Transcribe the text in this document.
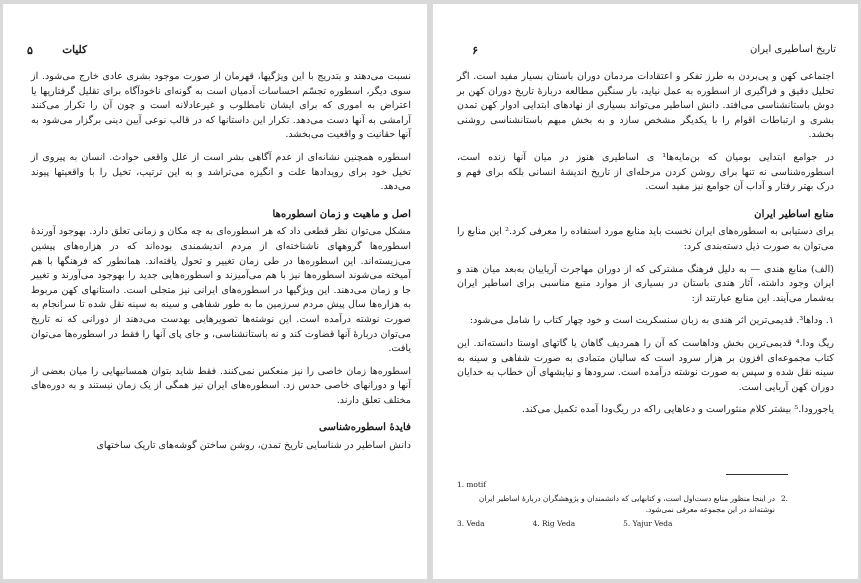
کلیات
۵

نسبت می‌دهند و بتدریج با این ویژگیها، قهرمان از صورت موجود بشری عادی خارج می‌شود. از سوی دیگر، اسطوره تجسّم احساسات آدمیان است به گونه‌ای ناخودآگاه برای تقلیل گرفتاریها یا اعتراض به اموری که برای ایشان نامطلوب و غیرعادلانه است و چون آن را تکرار می‌کنند آرامشی به آنها دست می‌دهد. تکرار این داستانها که در قالب نوعی آیین دینی برگزار می‌شود به آنها حقانیت و واقعیت می‌بخشد.

اسطوره همچنین نشانه‌ای از عدم آگاهی بشر است از علل واقعی حوادث. انسان به پیروی از تخیل خود برای رویدادها علت و انگیزه می‌تراشد و به این ترتیب، تخیل را با واقعیتها پیوند می‌دهد.

اصل و ماهیت و زمان اسطوره‌ها

مشکل می‌توان نظر قطعی داد که هر اسطوره‌ای به چه مکان و زمانی تعلق دارد. بهوجود آورندهٔ اسطوره‌ها گروههای ناشناخته‌ای از مردم اندیشمندی بوده‌اند که در هزاره‌های پیشین می‌زیسته‌اند. این اسطوره‌ها در طی زمان تغییر و تحول یافته‌اند. همانطور که فرهنگها با هم آمیخته می‌شوند اسطوره‌ها نیز با هم می‌آمیزند و اسطوره‌هایی جدید را بهوجود می‌آورند و تغییر جا و زمان می‌دهند. این ویژگیها در اسطوره‌های ایرانی نیز متجلی است. داستانهای کهن مربوط به هزاره‌ها سال پیش مردم سرزمین ما به طور شفاهی و سینه به سینه نقل شده تا سرانجام به صورت نوشته درآمده است. این نوشته‌ها تصویرهایی بهدست می‌دهند از دورانی که نه تاریخ می‌توان دربارهٔ آنها قضاوت کند و نه باستانشناسی، و جای پای آنها را فقط در اسطوره‌ها می‌توان یافت.

اسطوره‌ها زمان خاصی را نیز منعکس نمی‌کنند. فقط شاید بتوان همسانیهایی را میان بعضی از آنها و دورانهای خاصی حدس زد. اسطوره‌های ایران نیز همگی از یک زمان نیستند و به دوره‌های مختلف تعلق دارند.

فایدهٔ اسطوره‌شناسی

دانش اساطیر در شناسایی تاریخ تمدن، روشن ساختن گوشه‌های تاریک ساختهای

تاریخ اساطیری ایران
۶

اجتماعی کهن و پی‌بردن به طرز تفکر و اعتقادات مردمان دوران باستان بسیار مفید است. اگر تحلیل دقیق و فراگیری از اسطوره به عمل نیاید، بار سنگین مطالعه دربارهٔ تاریخ دوران کهن بر دوش باستانشناسی می‌افتد. دانش اساطیر می‌تواند بسیاری از نهادهای ابتدایی ادوار کهن تمدن بشری و ارتباطات اقوام را با یکدیگر مشخص سازد و به بخش مبهم باستانشناسی روشنی بخشد.

در جوامع ابتدایی بومیان که بن‌مایه‌ها¹ ی اساطیری هنوز در میان آنها زنده است، اسطوره‌شناسی نه تنها برای روشن کردن مرحله‌ای از تاریخ اندیشهٔ انسانی بلکه برای فهم و درک بهتر رفتار و آداب آن جوامع نیز مفید است.

منابع اساطیر ایران

برای دستیابی به اسطوره‌های ایران نخست باید منابع مورد استفاده را معرفی کرد.² این منابع را می‌توان به صورت ذیل دسته‌بندی کرد:

(الف) منابع هندی — به دلیل فرهنگ مشترکی که از دوران مهاجرت آریاییان به‌بعد میان هند و ایران وجود داشته، آثار هندی باستان در بسیاری از موارد منبع مناسبی برای اساطیر ایران به‌شمار می‌آیند. این منابع عبارتند از:

۱. ودا‌ها³. قدیمی‌ترین اثر هندی به زبان سنسکریت است و خود چهار کتاب را شامل می‌شود:

ریگ ودا.⁴ قدیمی‌ترین بخش وداهاست که آن را همردیف گاهان یا گاتهای اوستا دانسته‌اند. این کتاب مجموعه‌ای افزون بر هزار سرود است که سالیان متمادی به صورت شفاهی و سینه به سینه نقل شده و سپس به صورت نوشته درآمده است. سرودها و نیایشهای آن خطاب به خدایان دوران کهن آریایی است.

یاجورودا.⁵ بیشتر کلام منثوراست و دعاهایی راکه در ریگ‌ودا آمده تکمیل می‌کند.

1. motif
2.
در اینجا منظور منابع دست‌اول است، و کتابهایی که دانشمندان و پژوهشگران دربارهٔ اساطیر ایران نوشته‌اند در این مجموعه معرفی نمی‌شود.
3. Veda	4. Rig Veda	5. Yajur Veda
